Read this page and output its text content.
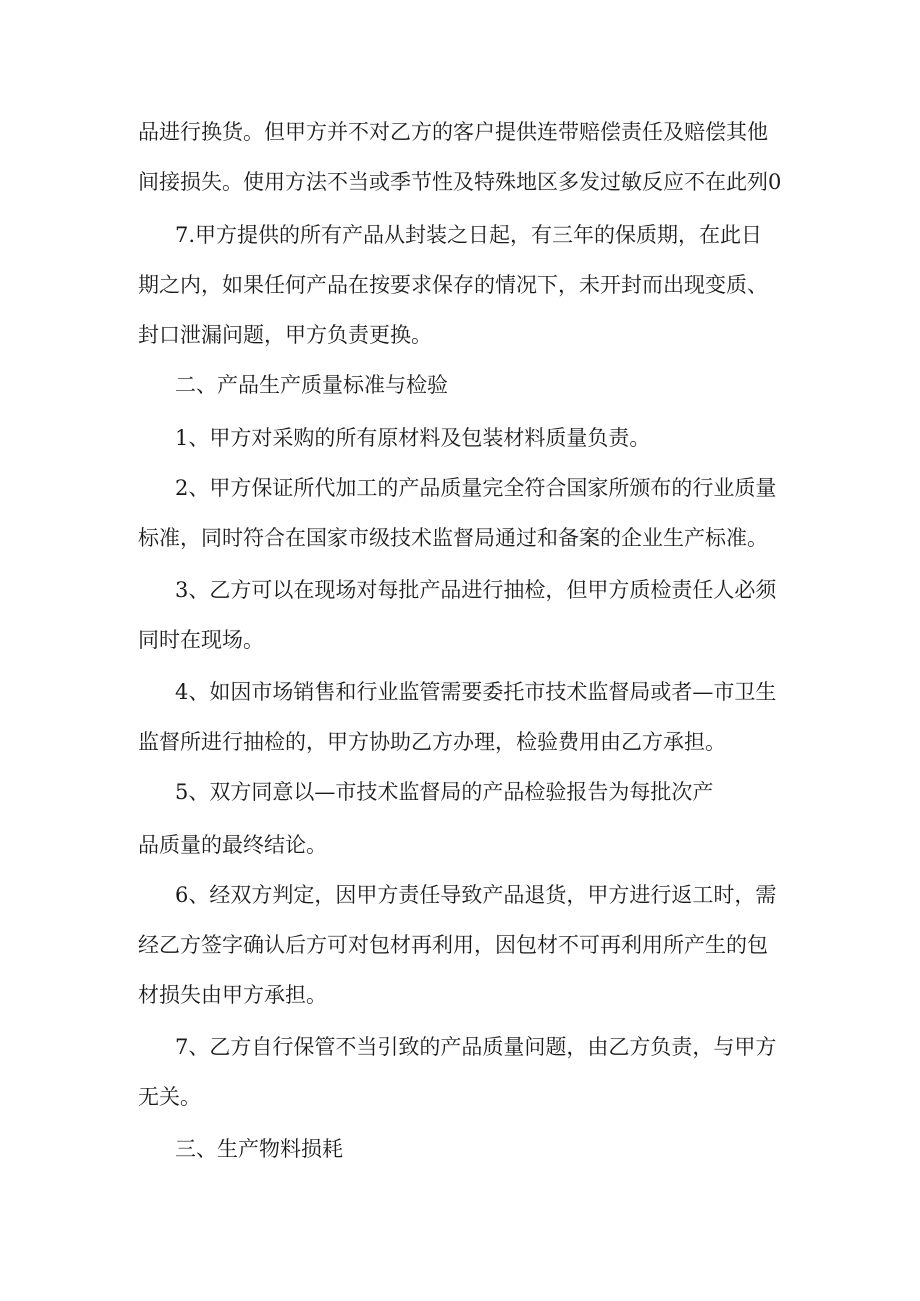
品进行换货。但甲方并不对乙方的客户提供连带赔偿责任及赔偿其他
间接损失。使用方法不当或季节性及特殊地区多发过敏反应不在此列0
7.甲方提供的所有产品从封装之日起，有三年的保质期，在此日
期之内，如果任何产品在按要求保存的情况下，未开封而出现变质、
封口泄漏问题，甲方负责更换。
二、产品生产质量标准与检验
1、甲方对采购的所有原材料及包装材料质量负责。
2、甲方保证所代加工的产品质量完全符合国家所颁布的行业质量
标准，同时符合在国家市级技术监督局通过和备案的企业生产标准。
3、乙方可以在现场对每批产品进行抽检，但甲方质检责任人必须
同时在现场。
4、如因市场销售和行业监管需要委托市技术监督局或者—市卫生
监督所进行抽检的，甲方协助乙方办理，检验费用由乙方承担。
5、双方同意以—市技术监督局的产品检验报告为每批次产
品质量的最终结论。
6、经双方判定，因甲方责任导致产品退货，甲方进行返工时，需
经乙方签字确认后方可对包材再利用，因包材不可再利用所产生的包
材损失由甲方承担。
7、乙方自行保管不当引致的产品质量问题，由乙方负责，与甲方
无关。
三、生产物料损耗
